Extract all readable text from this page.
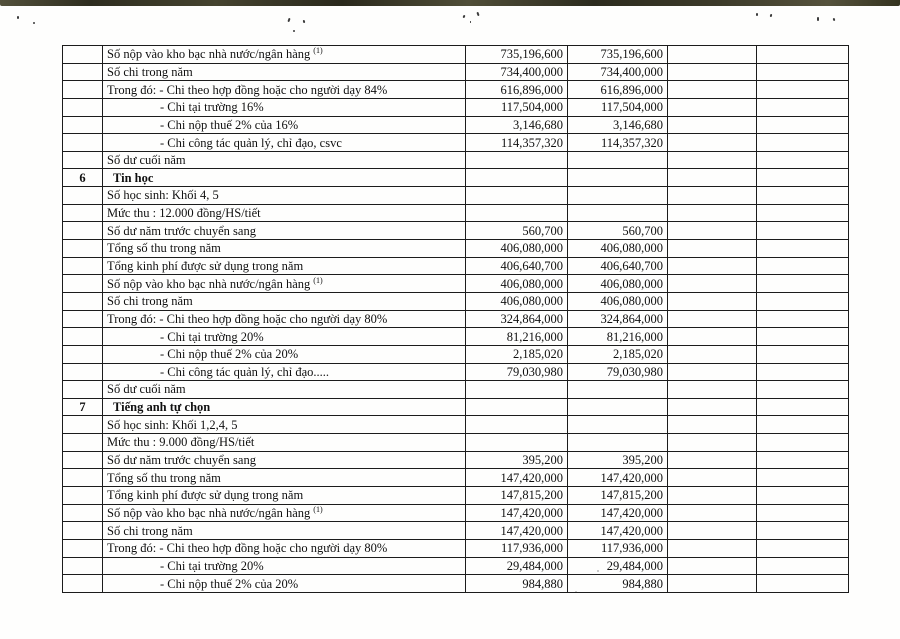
	Số nộp vào kho bạc nhà nước/ngân hàng $^{(1)}$	735,196,600	735,196,600		
	Số chi trong năm	734,400,000	734,400,000		
	Trong đó: - Chi theo hợp đồng hoặc cho người dạy 84%	616,896,000	616,896,000		
	- Chi tại trường 16%	117,504,000	117,504,000		
	- Chi nộp thuế 2% của 16%	3,146,680	3,146,680		
	- Chi công tác quản lý, chỉ đạo, csvc	114,357,320	114,357,320		
	Số dư cuối năm				
6	Tin học				
	Số học sinh: Khối 4, 5				
	Mức thu : 12.000 đồng/HS/tiết				
	Số dư năm trước chuyển sang	560,700	560,700		
	Tổng số thu trong năm	406,080,000	406,080,000		
	Tổng kinh phí được sử dụng trong năm	406,640,700	406,640,700		
	Số nộp vào kho bạc nhà nước/ngân hàng $^{(1)}$	406,080,000	406,080,000		
	Số chi trong năm	406,080,000	406,080,000		
	Trong đó: - Chi theo hợp đồng hoặc cho người dạy 80%	324,864,000	324,864,000		
	- Chi tại trường 20%	81,216,000	81,216,000		
	- Chi nộp thuế 2% của 20%	2,185,020	2,185,020		
	- Chi công tác quản lý, chỉ đạo.....	79,030,980	79,030,980		
	Số dư cuối năm				
7	Tiếng anh tự chọn				
	Số học sinh: Khối 1,2,4, 5				
	Mức thu : 9.000 đồng/HS/tiết				
	Số dư năm trước chuyển sang	395,200	395,200		
	Tổng số thu trong năm	147,420,000	147,420,000		
	Tổng kinh phí được sử dụng trong năm	147,815,200	147,815,200		
	Số nộp vào kho bạc nhà nước/ngân hàng $^{(1)}$	147,420,000	147,420,000		
	Số chi trong năm	147,420,000	147,420,000		
	Trong đó: - Chi theo hợp đồng hoặc cho người dạy 80%	117,936,000	117,936,000		
	- Chi tại trường 20%	29,484,000	29,484,000		
	- Chi nộp thuế 2% của 20%	984,880	984,880		
